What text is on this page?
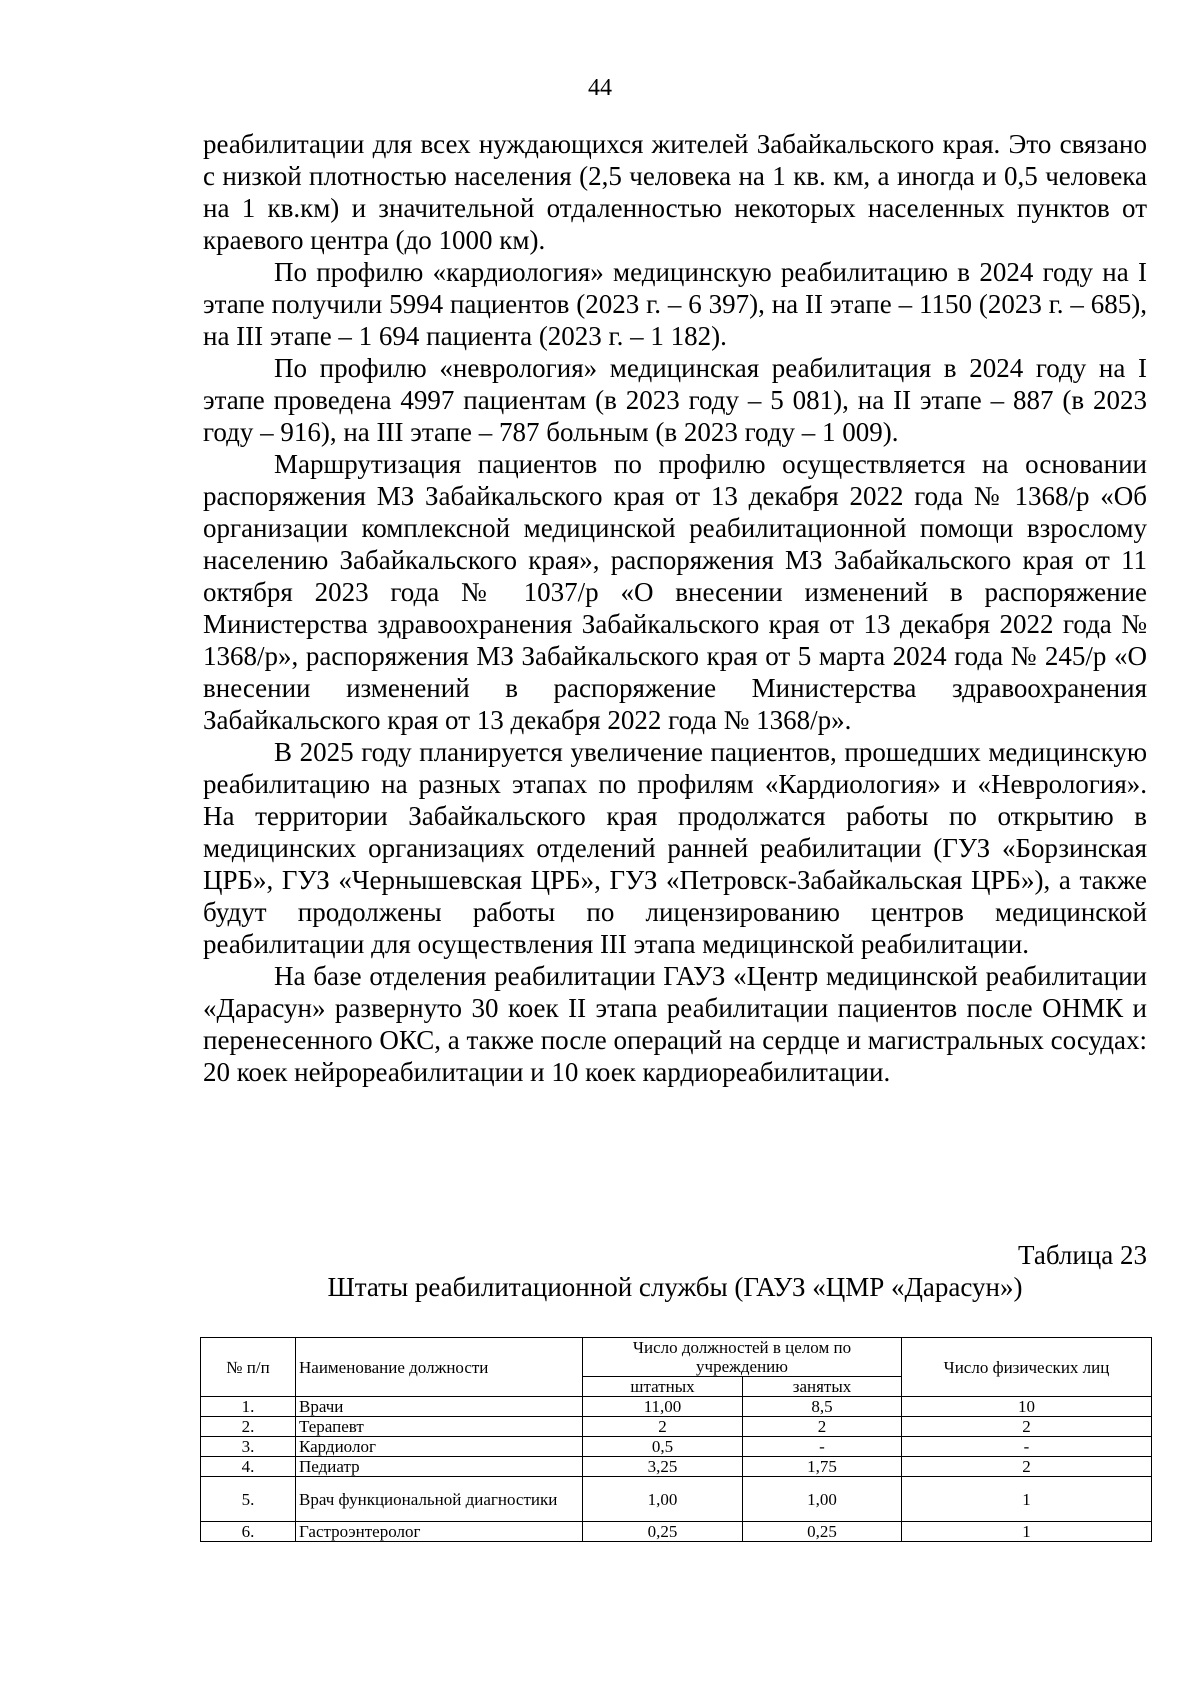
44

реабилитации для всех нуждающихся жителей Забайкальского края. Это связано с низкой плотностью населения (2,5 человека на 1 кв. км, а иногда и 0,5 человека на 1 кв.км) и значительной отдаленностью некоторых населенных пунктов от краевого центра (до 1000 км).

По профилю «кардиология» медицинскую реабилитацию в 2024 году на I этапе получили 5994 пациентов (2023 г. – 6 397), на II этапе – 1150 (2023 г. – 685), на III этапе – 1 694 пациента (2023 г. – 1 182).

По профилю «неврология» медицинская реабилитация в 2024 году на I этапе проведена 4997 пациентам (в 2023 году – 5 081), на II этапе – 887 (в 2023 году – 916), на III этапе – 787 больным (в 2023 году – 1 009).

Маршрутизация пациентов по профилю осуществляется на основании распоряжения МЗ Забайкальского края от 13 декабря 2022 года № 1368/р «Об организации комплексной медицинской реабилитационной помощи взрослому населению Забайкальского края», распоряжения МЗ Забайкальского края от 11 октября 2023 года № 1037/р «О внесении изменений в распоряжение Министерства здравоохранения Забайкальского края от 13 декабря 2022 года № 1368/р», распоряжения МЗ Забайкальского края от 5 марта 2024 года № 245/р «О внесении изменений в распоряжение Министерства здравоохранения Забайкальского края от 13 декабря 2022 года № 1368/р».

В 2025 году планируется увеличение пациентов, прошедших медицинскую реабилитацию на разных этапах по профилям «Кардиология» и «Неврология». На территории Забайкальского края продолжатся работы по открытию в медицинских организациях отделений ранней реабилитации (ГУЗ «Борзинская ЦРБ», ГУЗ «Чернышевская ЦРБ», ГУЗ «Петровск-Забайкальская ЦРБ»), а также будут продолжены работы по лицензированию центров медицинской реабилитации для осуществления III этапа медицинской реабилитации.

На базе отделения реабилитации ГАУЗ «Центр медицинской реабилитации «Дарасун» развернуто 30 коек II этапа реабилитации пациентов после ОНМК и перенесенного ОКС, а также после операций на сердце и магистральных сосудах: 20 коек нейрореабилитации и 10 коек кардиореабилитации.

Таблица 23
Штаты реабилитационной службы (ГАУЗ «ЦМР «Дарасун»)
№ п/п	Наименование должности	Число должностей в целом по учреждению		Число физических лиц
		штатных	занятых	
1.	Врачи	11,00	8,5	10
2.	Терапевт	2	2	2
3.	Кардиолог	0,5	-	-
4.	Педиатр	3,25	1,75	2
5.	Врач функциональной диагностики	1,00	1,00	1
6.	Гастроэнтеролог	0,25	0,25	1
